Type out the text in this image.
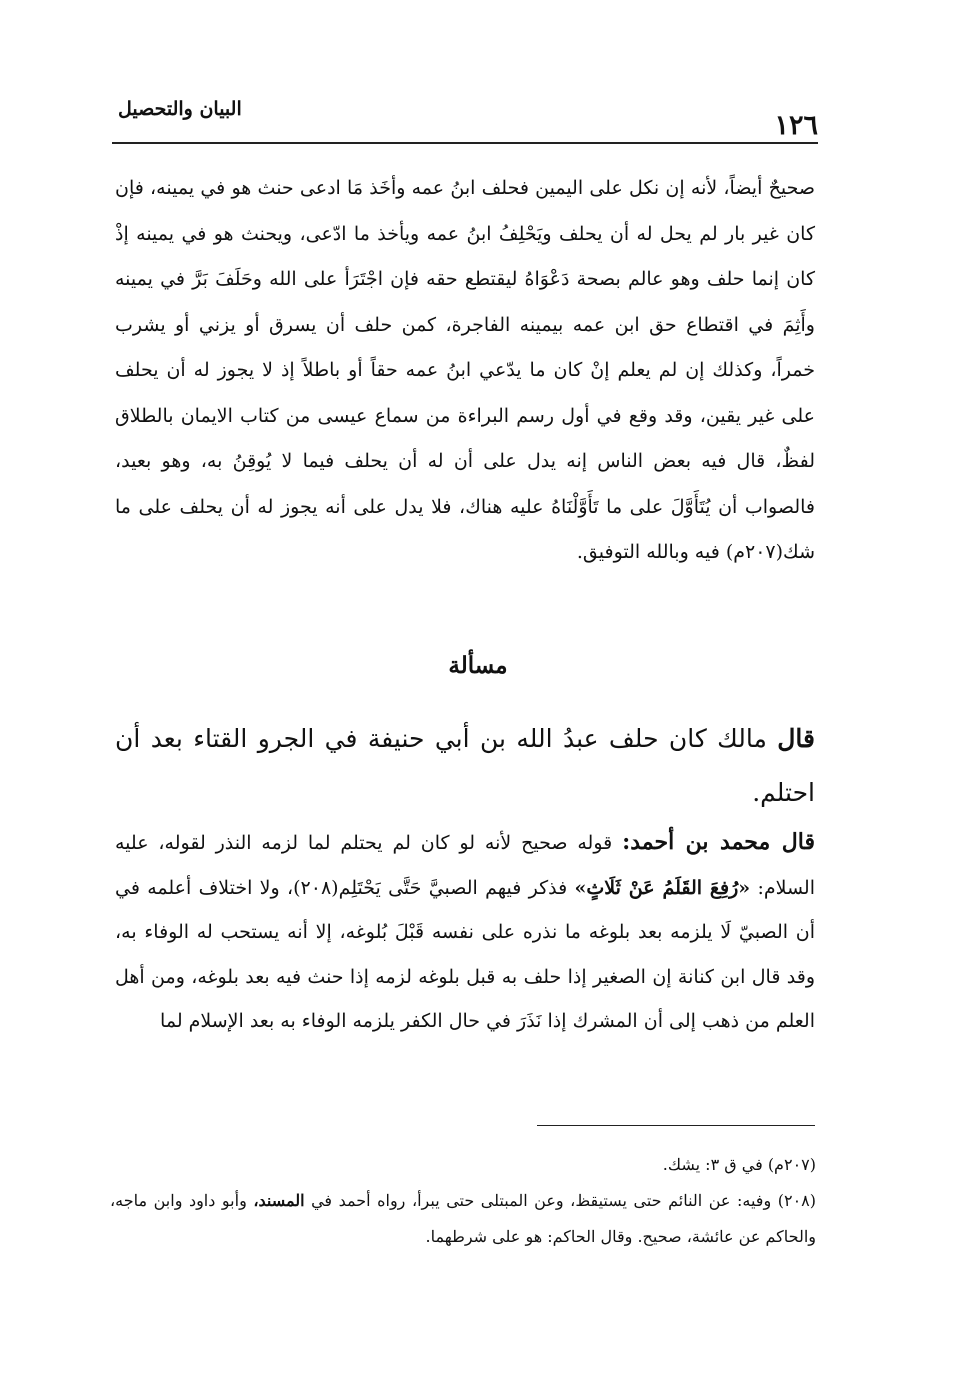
١٢٦
البيان والتحصيل

صحيحٌ أيضاً، لأنه إن نكل على اليمين فحلف ابنُ عمه وأخَذ مَا ادعى حنث هو في يمينه، فإن كان غير بار لم يحل له أن يحلف ويَحْلِفُ ابنُ عمه ويأخذ ما ادّعى، ويحنث هو في يمينه إذْ كان إنما حلف وهو عالم بصحة دَعْوَاهُ ليقتطع حقه فإن اجْتَرَأ على الله وحَلَفَ بَرَّ في يمينه وأَثِمَ في اقتطاع حق ابن عمه بيمينه الفاجرة، كمن حلف أن يسرق أو يزني أو يشرب خمراً، وكذلك إن لم يعلم إنْ كان ما يدّعي ابنُ عمه حقاً أو باطلاً إذ لا يجوز له أن يحلف على غير يقين، وقد وقع في أول رسم البراءة من سماع عيسى من كتاب الايمان بالطلاق لفظٌ، قال فيه بعض الناس إنه يدل على أن له أن يحلف فيما لا يُوقِنُ به، وهو بعيد، فالصواب أن يُتَأَوَّلَ على ما تَأَوَّلْنَاهُ عليه هناك، فلا يدل على أنه يجوز له أن يحلف على ما شك(٢٠٧م) فيه وبالله التوفيق.

مسألة

قال مالك كان حلف عبدُ الله بن أبي حنيفة في الجرو القتاء بعد أن احتلم.

قال محمد بن أحمد: قوله صحيح لأنه لو كان لم يحتلم لما لزمه النذر لقوله، عليه السلام: «رُفِعَ القَلَمُ عَنْ ثَلَاثٍ» فذكر فيهم الصبيَّ حَتَّى يَحْتَلِم(٢٠٨)، ولا اختلاف أعلمه في أن الصبيّ لَا يلزمه بعد بلوغه ما نذره على نفسه قَبْلَ بُلوغه، إلا أنه يستحب له الوفاء به، وقد قال ابن كنانة إن الصغير إذا حلف به قبل بلوغه لزمه إذا حنث فيه بعد بلوغه، ومن أهل العلم من ذهب إلى أن المشرك إذا نَذَرَ في حال الكفر يلزمه الوفاء به بعد الإسلام لما

(٢٠٧م) في ق ٣: يشك.

(٢٠٨) وفيه: عن النائم حتى يستيقظ، وعن المبتلى حتى يبرأ، رواه أحمد في المسند، وأبو داود وابن ماجه، والحاكم عن عائشة، صحيح. وقال الحاكم: هو على شرطهما.
